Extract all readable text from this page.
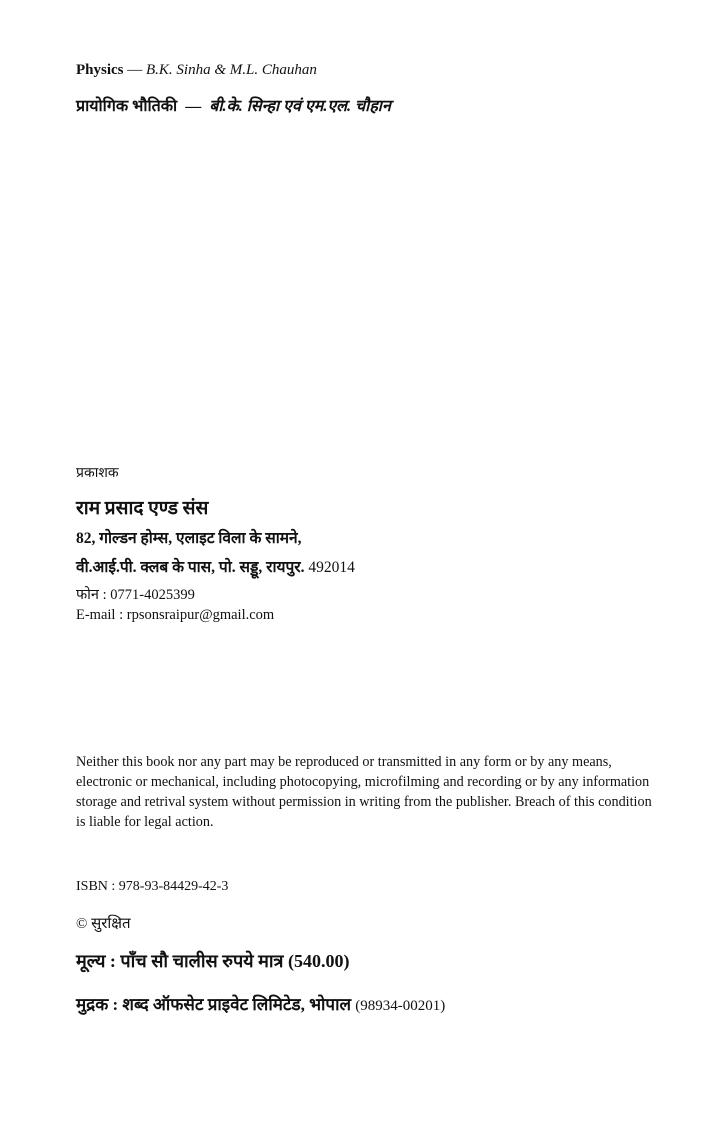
Physics — B.K. Sinha & M.L. Chauhan
प्रायोगिक भौतिकी — बी.के. सिन्हा एवं एम.एल. चौहान
प्रकाशक
राम प्रसाद एण्ड संस
82, गोल्डन होम्स, एलाइट विला के सामने,
वी.आई.पी. क्लब के पास, पो. सड्डू, रायपुर. 492014
फोन : 0771-4025399
E-mail : rpsonsraipur@gmail.com
Neither this book nor any part may be reproduced or transmitted in any form or by any means, electronic or mechanical, including photocopying, microfilming and recording or by any information storage and retrival system without permission in writing from the publisher. Breach of this condition is liable for legal action.
ISBN : 978-93-84429-42-3
© सुरक्षित
मूल्य : पाँच सौ चालीस रुपये मात्र (540.00)
मुद्रक : शब्द ऑफसेट प्राइवेट लिमिटेड, भोपाल (98934-00201)
